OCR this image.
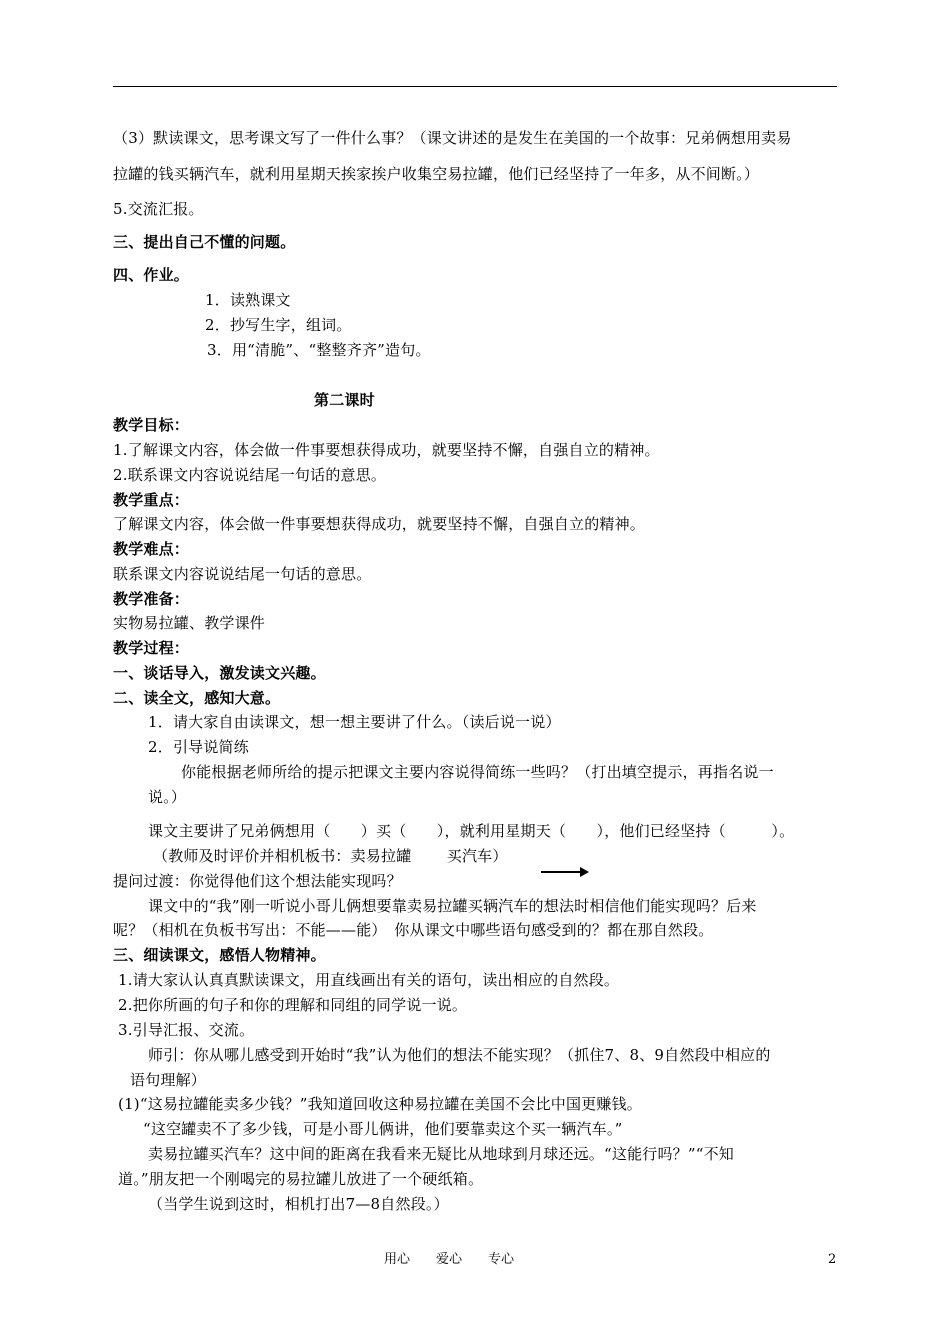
（3）默读课文，思考课文写了一件什么事？（课文讲述的是发生在美国的一个故事：兄弟俩想用卖易
拉罐的钱买辆汽车，就利用星期天挨家挨户收集空易拉罐，他们已经坚持了一年多，从不间断。）
5.交流汇报。
三、提出自己不懂的问题。
四、作业。
1．读熟课文
2．抄写生字，组词。
3．用“清脆”、“整整齐齐”造句。
第二课时
教学目标：
1.了解课文内容，体会做一件事要想获得成功，就要坚持不懈，自强自立的精神。
2.联系课文内容说说结尾一句话的意思。
教学重点：
了解课文内容，体会做一件事要想获得成功，就要坚持不懈，自强自立的精神。
教学难点：
联系课文内容说说结尾一句话的意思。
教学准备：
实物易拉罐、教学课件
教学过程：
一、谈话导入，激发读文兴趣。
二、读全文，感知大意。
1．请大家自由读课文，想一想主要讲了什么。（读后说一说）
2．引导说简练
你能根据老师所给的提示把课文主要内容说得简练一些吗？（打出填空提示，再指名说一
说。）
课文主要讲了兄弟俩想用（　　）买（　　），就利用星期天（　　），他们已经坚持（　　　）。
（教师及时评价并相机板书：卖易拉罐　　 买汽车）
提问过渡：你觉得他们这个想法能实现吗？
课文中的“我”刚一听说小哥儿俩想要靠卖易拉罐买辆汽车的想法时相信他们能实现吗？后来
呢？（相机在负板书写出：不能——能）　你从课文中哪些语句感受到的？都在那自然段。
三、细读课文，感悟人物精神。
1.请大家认认真真默读课文，用直线画出有关的语句，读出相应的自然段。
2.把你所画的句子和你的理解和同组的同学说一说。
3.引导汇报、交流。
师引：你从哪儿感受到开始时“我”认为他们的想法不能实现？（抓住7、8、9自然段中相应的
语句理解）
(1)“这易拉罐能卖多少钱？”我知道回收这种易拉罐在美国不会比中国更赚钱。
“这空罐卖不了多少钱，可是小哥儿俩讲，他们要靠卖这个买一辆汽车。”
卖易拉罐买汽车？这中间的距离在我看来无疑比从地球到月球还远。“这能行吗？”“不知
道。”朋友把一个刚喝完的易拉罐儿放进了一个硬纸箱。
（当学生说到这时，相机打出7—8自然段。）
用心　　爱心　　专心	2
